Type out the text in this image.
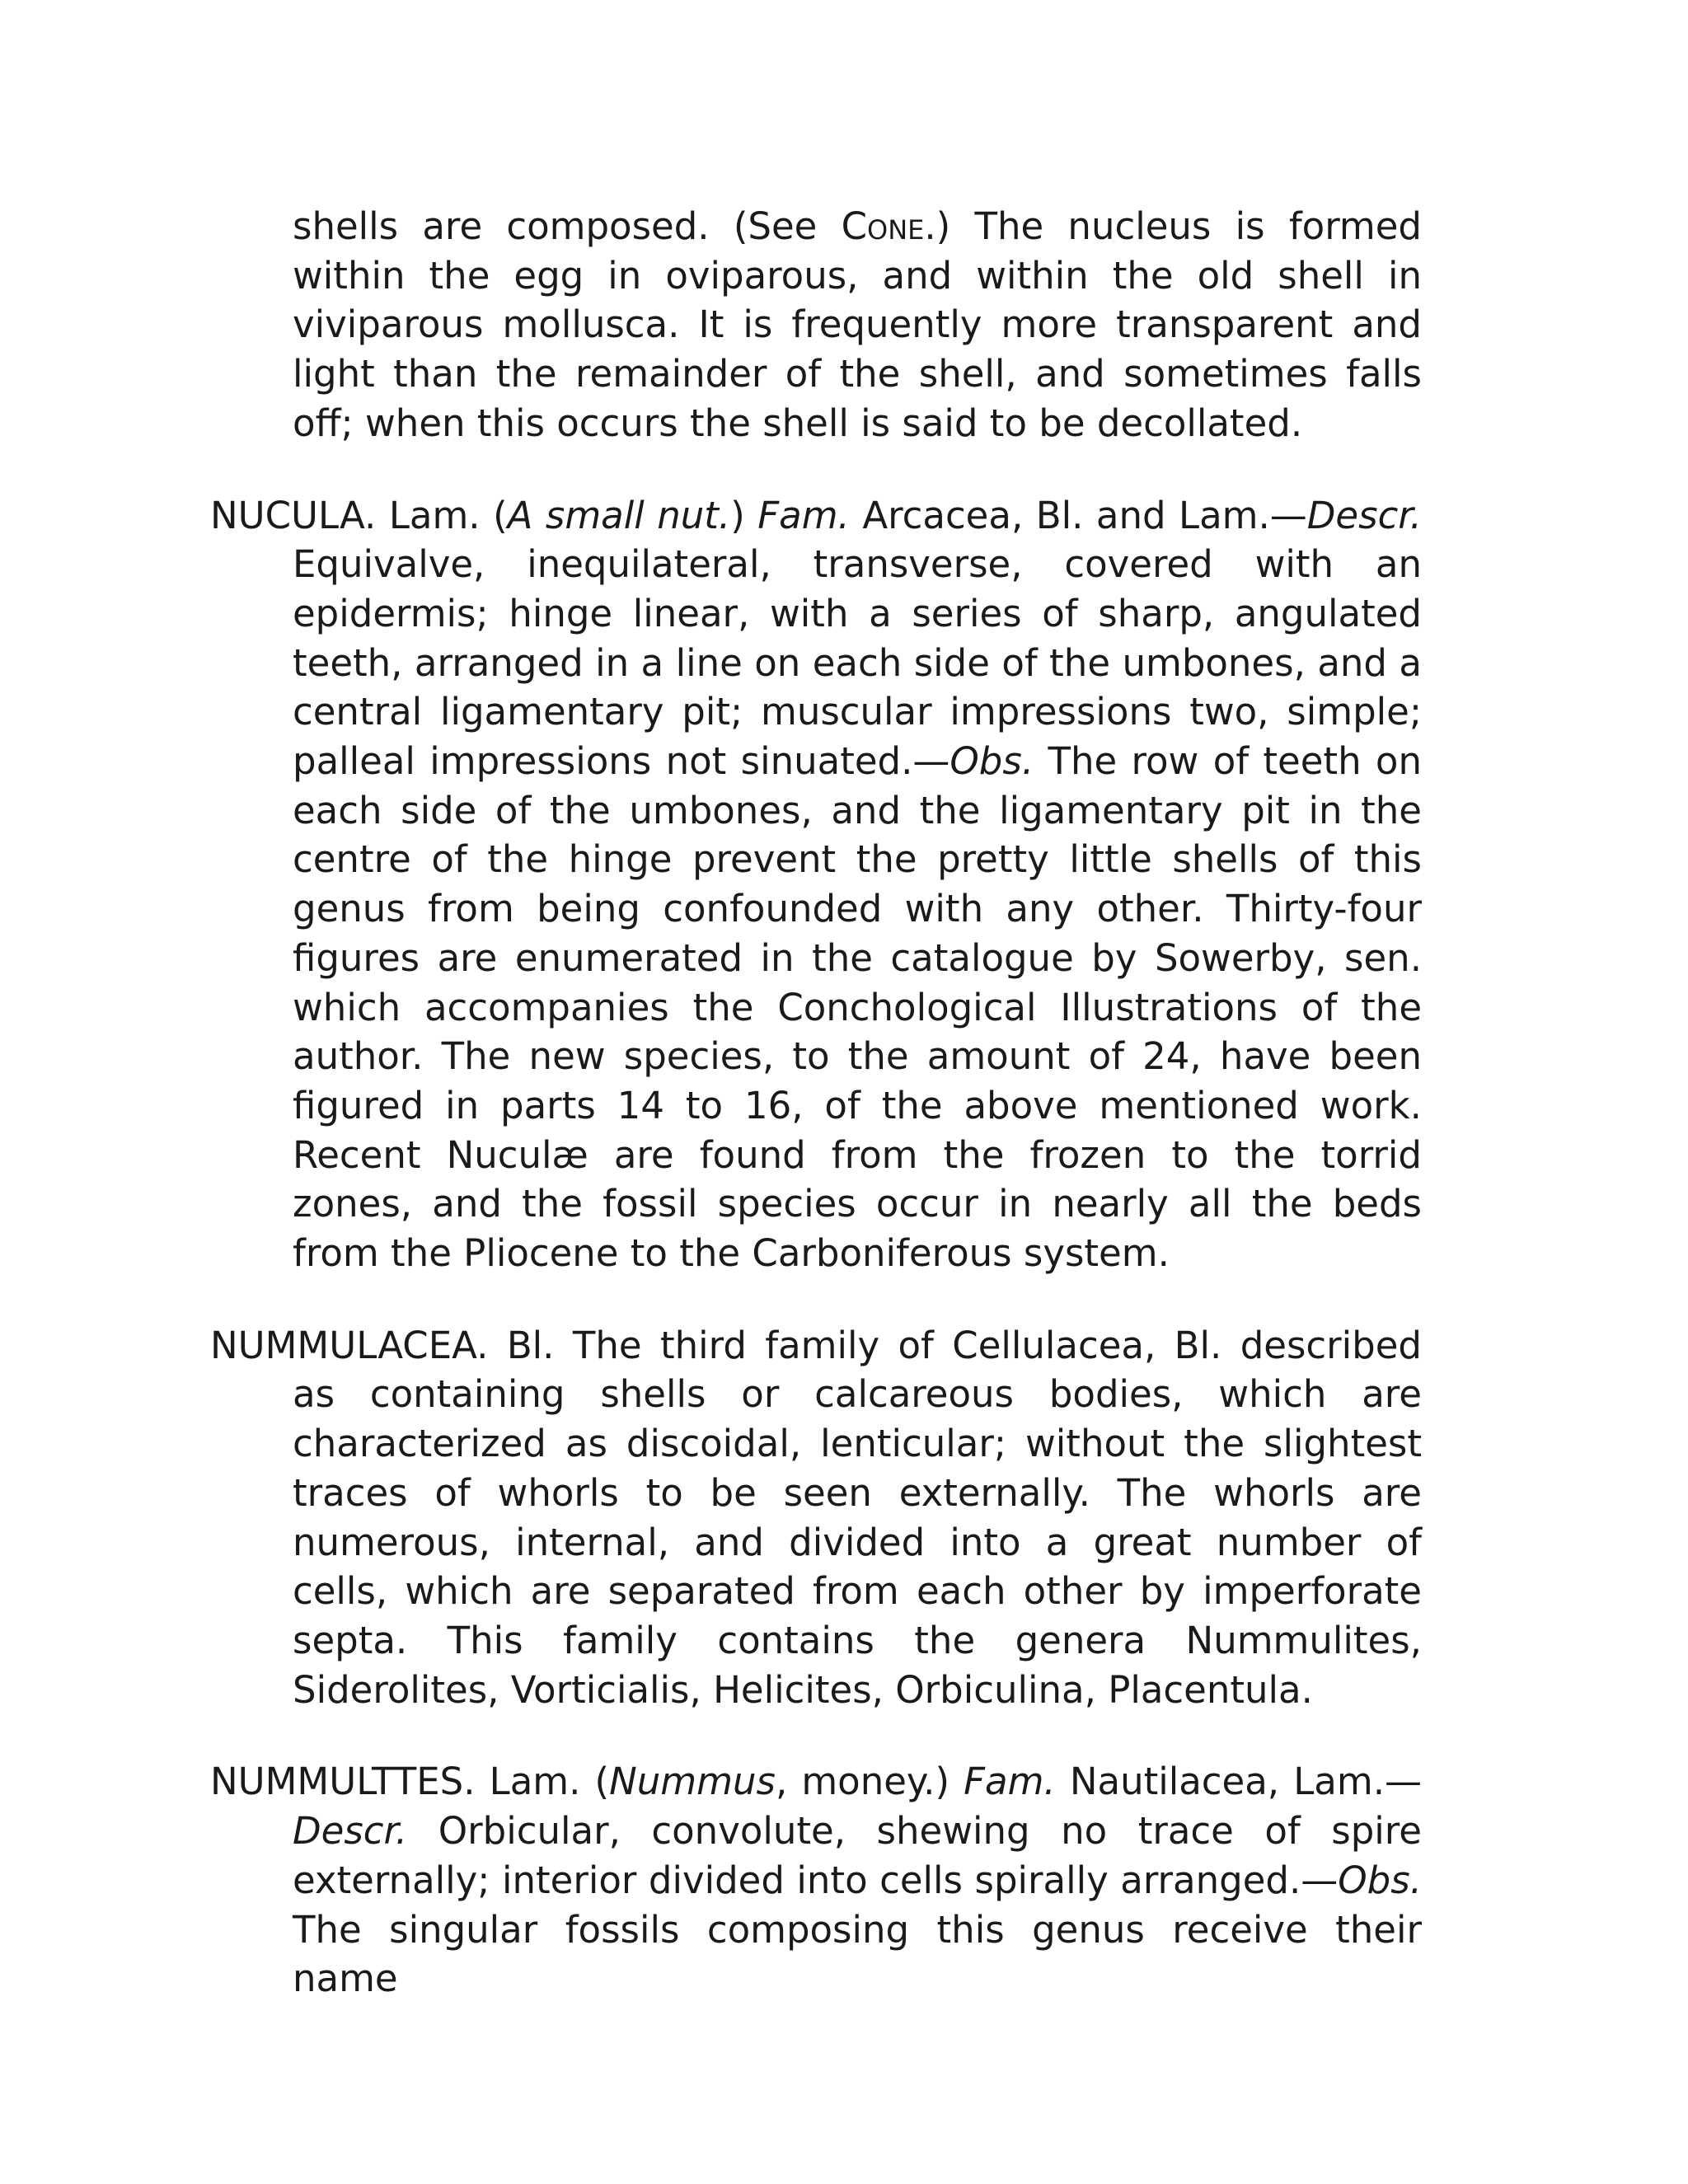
shells are composed. (See Cone.) The nucleus is formed within the egg in oviparous, and within the old shell in viviparous mollusca. It is frequently more transparent and light than the remainder of the shell, and sometimes falls off; when this occurs the shell is said to be decollated.

NUCULA. Lam. (A small nut.) Fam. Arcacea, Bl. and Lam.—Descr. Equivalve, inequilateral, transverse, covered with an epidermis; hinge linear, with a series of sharp, angulated teeth, arranged in a line on each side of the umbones, and a central ligamentary pit; muscular impressions two, simple; palleal impressions not sinuated.—Obs. The row of teeth on each side of the umbones, and the ligamentary pit in the centre of the hinge prevent the pretty little shells of this genus from being confounded with any other. Thirty-four figures are enumerated in the catalogue by Sowerby, sen. which accompanies the Conchological Illustrations of the author. The new species, to the amount of 24, have been figured in parts 14 to 16, of the above mentioned work. Recent Nuculæ are found from the frozen to the torrid zones, and the fossil species occur in nearly all the beds from the Pliocene to the Carboniferous system.

NUMMULACEA. Bl. The third family of Cellulacea, Bl. described as containing shells or calcareous bodies, which are characterized as discoidal, lenticular; without the slightest traces of whorls to be seen externally. The whorls are numerous, internal, and divided into a great number of cells, which are separated from each other by imperforate septa. This family contains the genera Nummulites, Siderolites, Vorticialis, Helicites, Orbiculina, Placentula.

NUMMULTTES. Lam. (Nummus, money.) Fam. Nautilacea, Lam.— Descr. Orbicular, convolute, shewing no trace of spire externally; interior divided into cells spirally arranged.—Obs. The singular fossils composing this genus receive their name
